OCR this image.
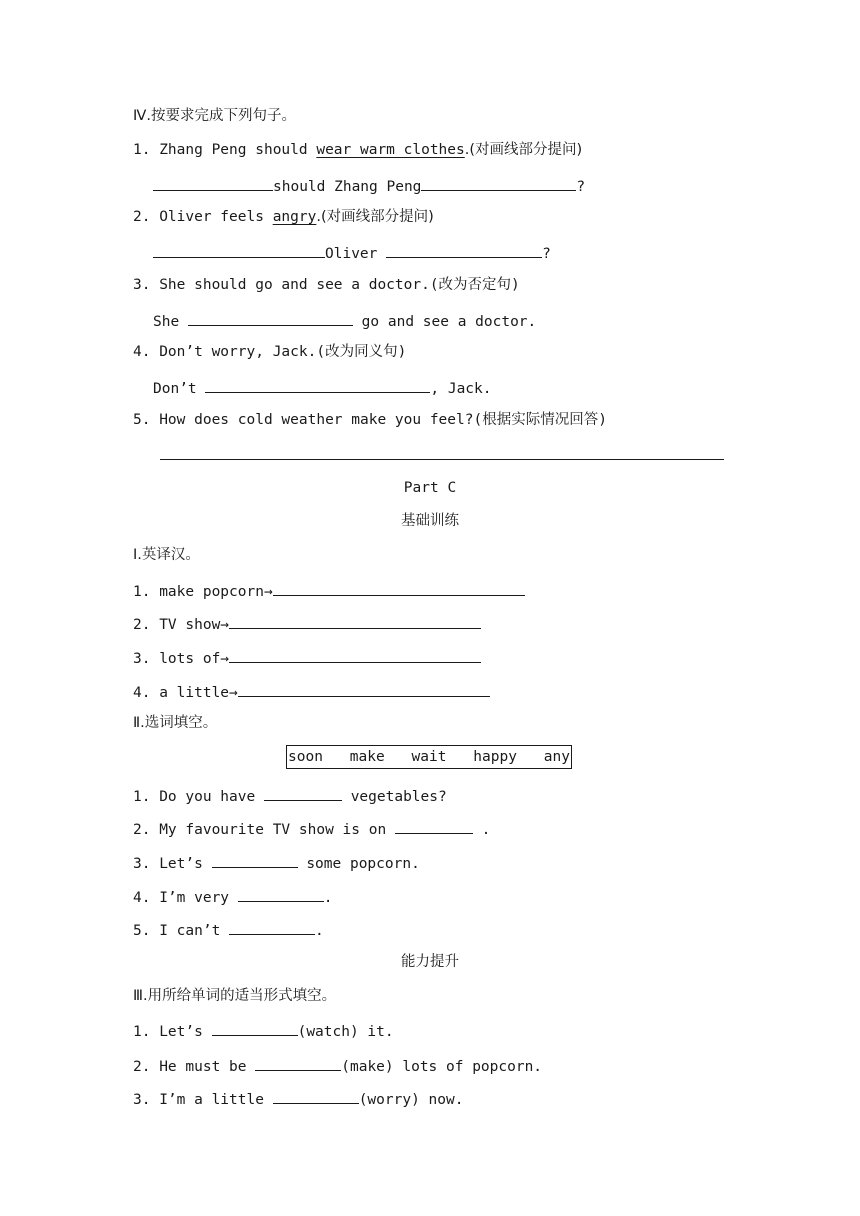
Ⅳ.按要求完成下列句子。
1. Zhang Peng should wear warm clothes.(对画线部分提问)
should Zhang Peng	?
2. Oliver feels angry.(对画线部分提问)
Oliver	?
3. She should go and see a doctor.(改为否定句)
She	go and see a doctor.
4. Don’t worry, Jack.(改为同义句)
Don’t	, Jack.
5. How does cold weather make you feel?(根据实际情况回答)
Part C
基础训练
Ⅰ.英译汉。
1. make popcorn→
2. TV show→
3. lots of→
4. a little→
Ⅱ.选词填空。
soon make wait happy any
1. Do you have	vegetables?
2. My favourite TV show is on	.
3. Let’s	some popcorn.
4. I’m very	.
5. I can’t	.
能力提升
Ⅲ.用所给单词的适当形式填空。
1. Let’s	(watch) it.
2. He must be	(make) lots of popcorn.
3. I’m a little	(worry) now.
